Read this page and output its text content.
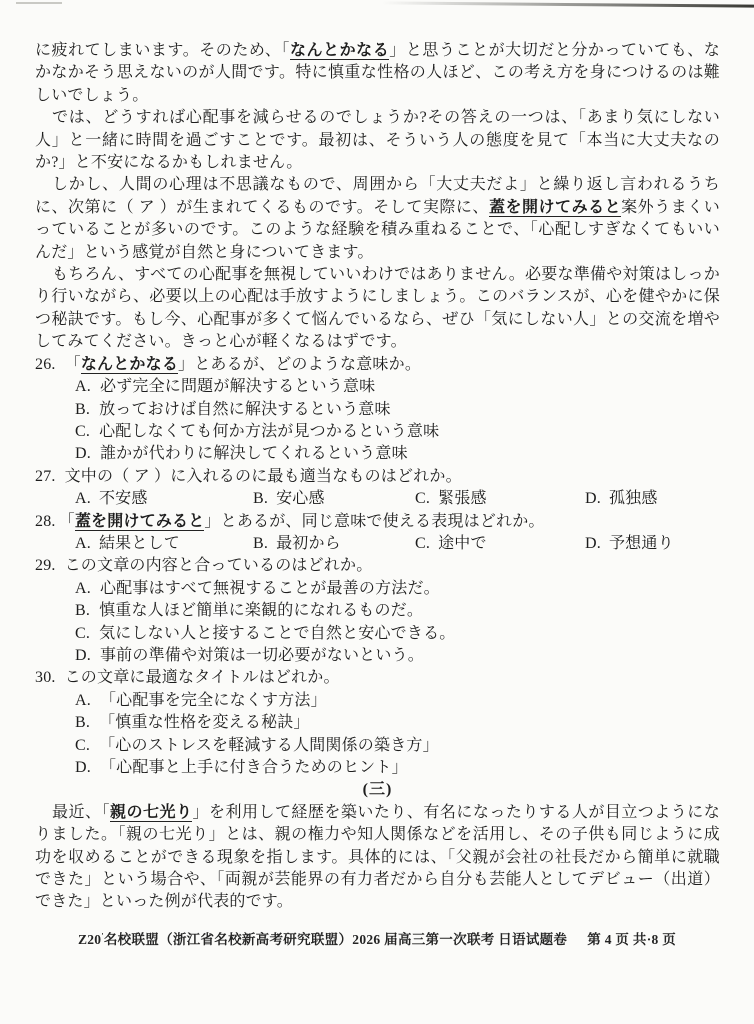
に疲れてしまいます。そのため、「なんとかなる」と思うことが大切だと分かっていても、なかなかそう思えないのが人間です。特に慎重な性格の人ほど、この考え方を身につけるのは難しいでしょう。

では、どうすれば心配事を減らせるのでしょうか?その答えの一つは、「あまり気にしない人」と一緒に時間を過ごすことです。最初は、そういう人の態度を見て「本当に大丈夫なのか?」と不安になるかもしれません。

しかし、人間の心理は不思議なもので、周囲から「大丈夫だよ」と繰り返し言われるうちに、次第に（ ア ）が生まれてくるものです。そして実際に、蓋を開けてみると案外うまくいっていることが多いのです。このような経験を積み重ねることで、「心配しすぎなくてもいいんだ」という感覚が自然と身についてきます。

もちろん、すべての心配事を無視していいわけではありません。必要な準備や対策はしっかり行いながら、必要以上の心配は手放すようにしましょう。このバランスが、心を健やかに保つ秘訣です。もし今、心配事が多くて悩んでいるなら、ぜひ「気にしない人」との交流を増やしてみてください。きっと心が軽くなるはずです。

26. 「なんとかなる」とあるが、どのような意味か。
A. 必ず完全に問題が解決するという意味
B. 放っておけば自然に解決するという意味
C. 心配しなくても何か方法が見つかるという意味
D. 誰かが代わりに解決してくれるという意味
27. 文中の（ ア ）に入れるのに最も適当なものはどれか。
A. 不安感	B. 安心感	C. 緊張感	D. 孤独感
28. 「蓋を開けてみると」とあるが、同じ意味で使える表現はどれか。
A. 結果として	B. 最初から	C. 途中で	D. 予想通り
29. この文章の内容と合っているのはどれか。
A. 心配事はすべて無視することが最善の方法だ。
B. 慎重な人ほど簡単に楽観的になれるものだ。
C. 気にしない人と接することで自然と安心できる。
D. 事前の準備や対策は一切必要がないという。
30. この文章に最適なタイトルはどれか。
A. 「心配事を完全になくす方法」
B. 「慎重な性格を変える秘訣」
C. 「心のストレスを軽減する人間関係の築き方」
D. 「心配事と上手に付き合うためのヒント」

(三)

最近、「親の七光り」を利用して経歴を築いたり、有名になったりする人が目立つようになりました。「親の七光り」とは、親の権力や知人関係などを活用し、その子供も同じように成功を収めることができる現象を指します。具体的には、「父親が会社の社長だから簡単に就職できた」という場合や、「両親が芸能界の有力者だから自分も芸能人としてデビュー（出道）できた」といった例が代表的です。

Z20'名校联盟（浙江省名校新高考研究联盟）2026 届高三第一次联考 日语试题卷 第 4 页 共·8 页
